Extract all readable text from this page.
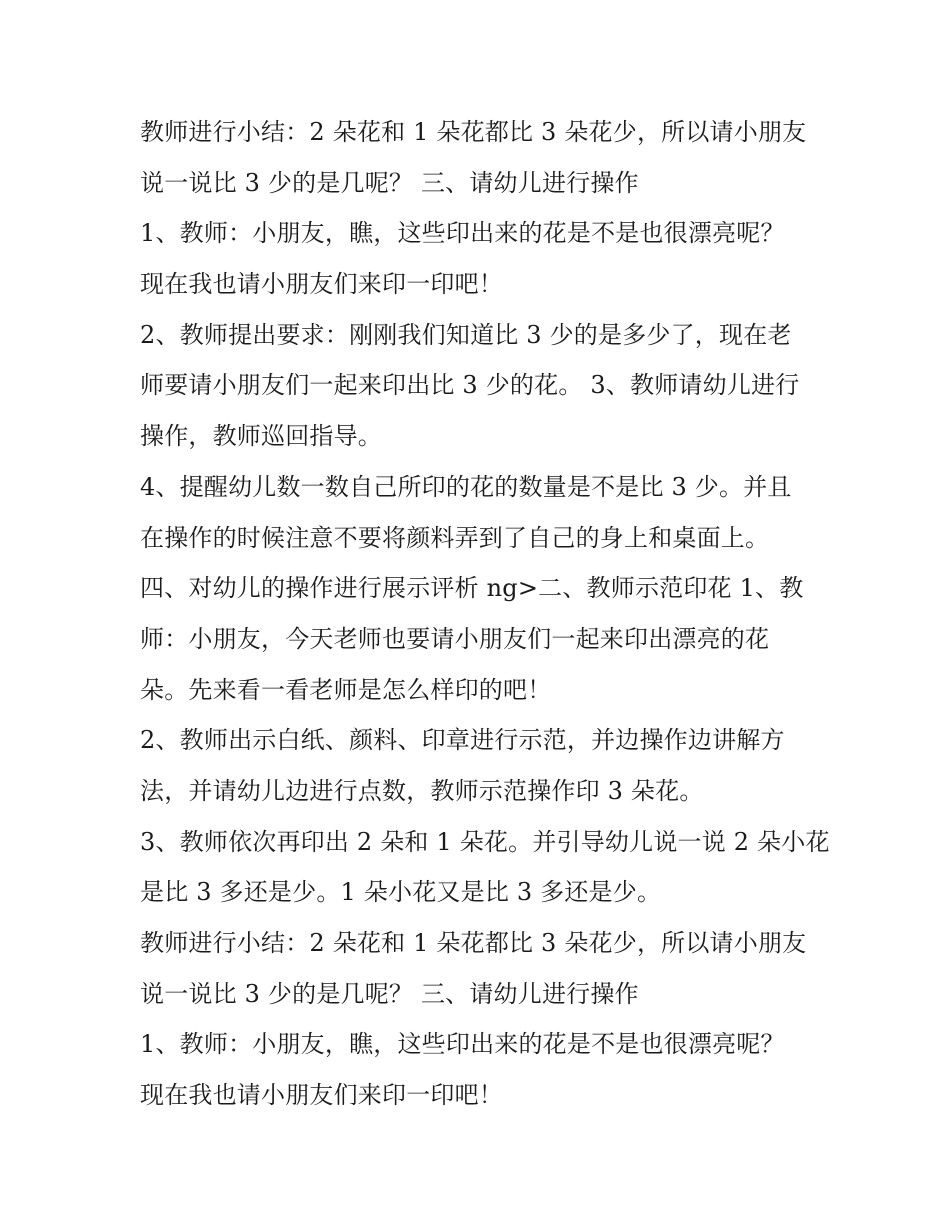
教师进行小结：2 朵花和 1 朵花都比 3 朵花少，所以请小朋友
说一说比 3 少的是几呢？ 三、请幼儿进行操作
1、教师：小朋友，瞧，这些印出来的花是不是也很漂亮呢？
现在我也请小朋友们来印一印吧！
2、教师提出要求：刚刚我们知道比 3 少的是多少了，现在老
师要请小朋友们一起来印出比 3 少的花。 3、教师请幼儿进行
操作，教师巡回指导。
4、提醒幼儿数一数自己所印的花的数量是不是比 3 少。并且
在操作的时候注意不要将颜料弄到了自己的身上和桌面上。
四、对幼儿的操作进行展示评析 ng>二、教师示范印花 1、教
师：小朋友，今天老师也要请小朋友们一起来印出漂亮的花
朵。先来看一看老师是怎么样印的吧！
2、教师出示白纸、颜料、印章进行示范，并边操作边讲解方
法，并请幼儿边进行点数，教师示范操作印 3 朵花。
3、教师依次再印出 2 朵和 1 朵花。并引导幼儿说一说 2 朵小花
是比 3 多还是少。1 朵小花又是比 3 多还是少。
教师进行小结：2 朵花和 1 朵花都比 3 朵花少，所以请小朋友
说一说比 3 少的是几呢？ 三、请幼儿进行操作
1、教师：小朋友，瞧，这些印出来的花是不是也很漂亮呢？
现在我也请小朋友们来印一印吧！
